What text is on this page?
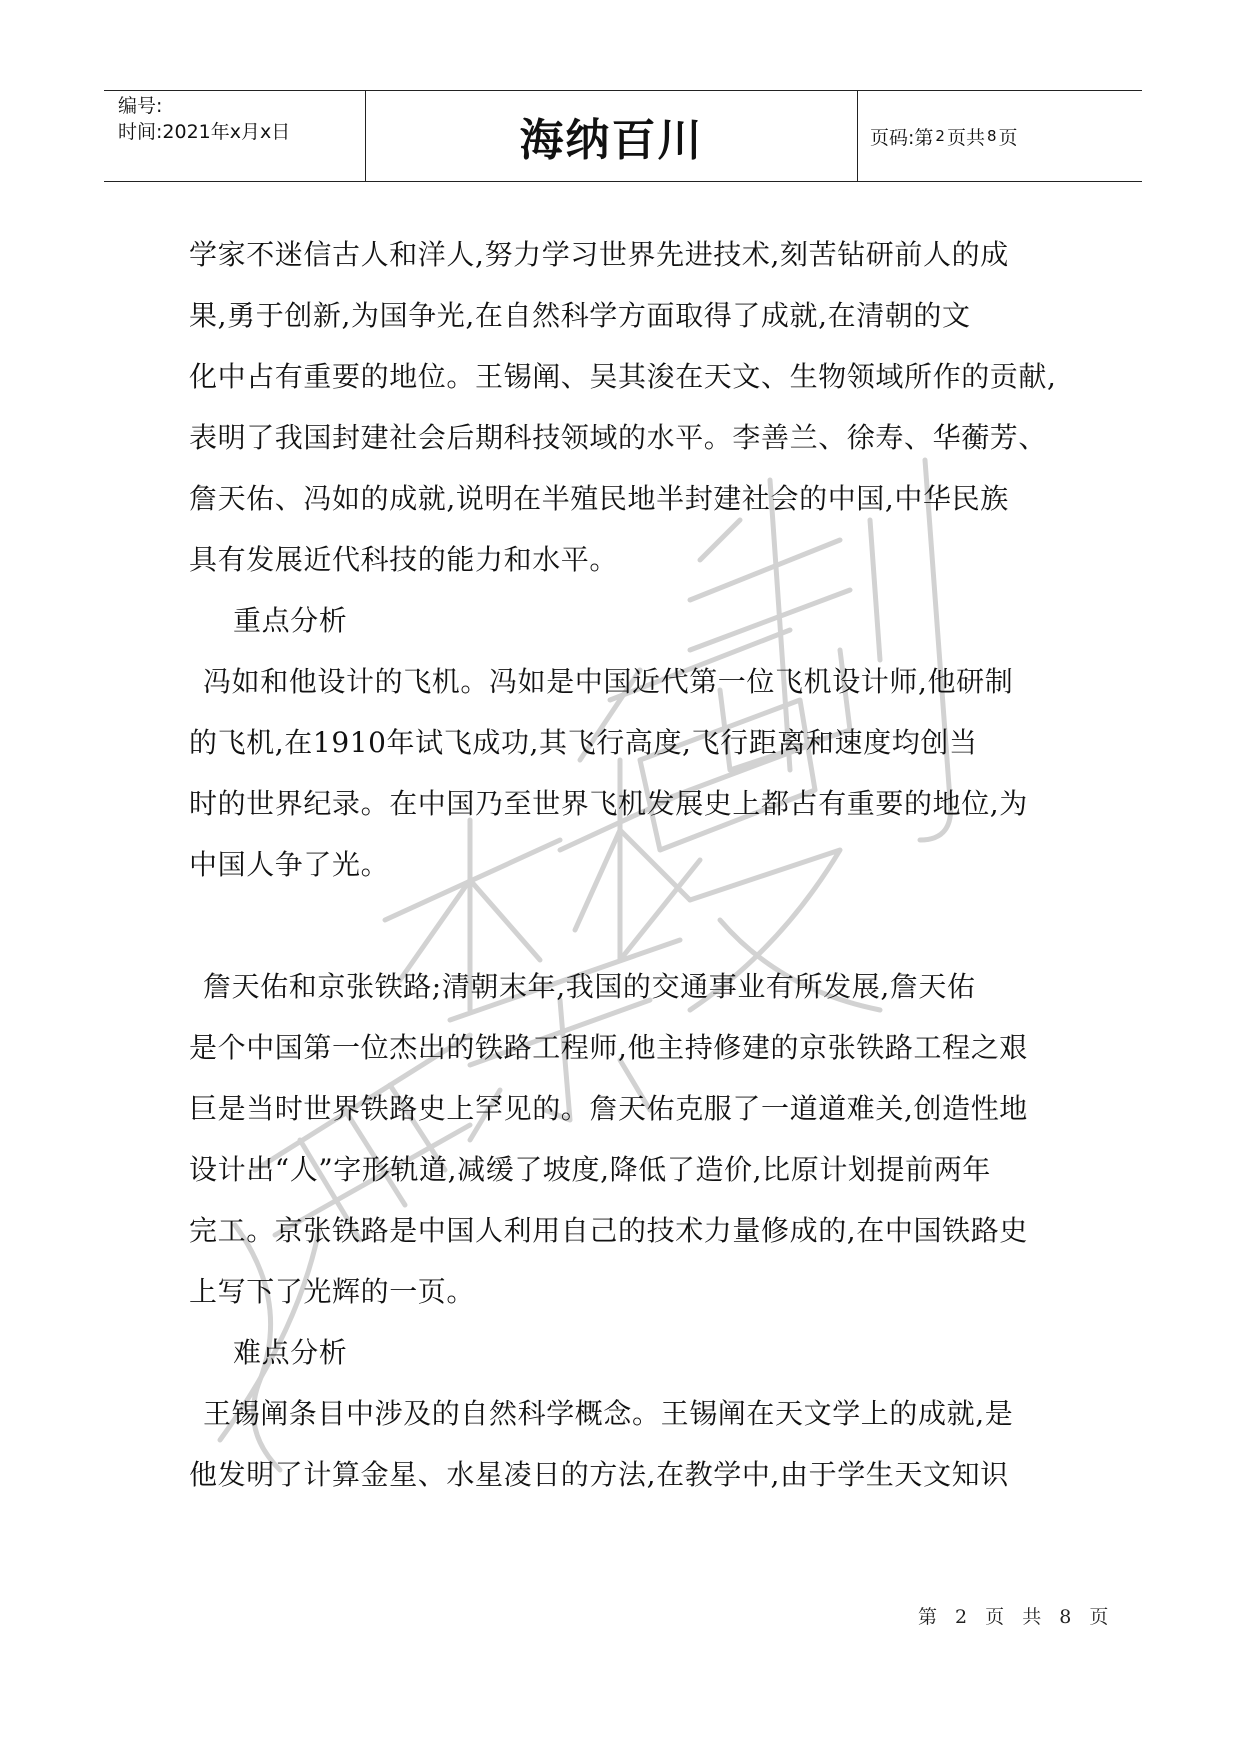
编号:
时间:2021年x月x日	海纳百川	页码:第 2 页共 8 页

学家不迷信古人和洋人,努力学习世界先进技术,刻苦钻研前人的成
果,勇于创新,为国争光,在自然科学方面取得了成就,在清朝的文
化中占有重要的地位。王锡阐、吴其浚在天文、生物领域所作的贡献,
表明了我国封建社会后期科技领域的水平。李善兰、徐寿、华蘅芳、
詹天佑、冯如的成就,说明在半殖民地半封建社会的中国,中华民族
具有发展近代科技的能力和水平。

重点分析

冯如和他设计的飞机。冯如是中国近代第一位飞机设计师,他研制
的飞机,在1910年试飞成功,其飞行高度,飞行距离和速度均创当
时的世界纪录。在中国乃至世界飞机发展史上都占有重要的地位,为
中国人争了光。

詹天佑和京张铁路;清朝末年,我国的交通事业有所发展,詹天佑
是个中国第一位杰出的铁路工程师,他主持修建的京张铁路工程之艰
巨是当时世界铁路史上罕见的。詹天佑克服了一道道难关,创造性地
设计出“人”字形轨道,减缓了坡度,降低了造价,比原计划提前两年
完工。京张铁路是中国人利用自己的技术力量修成的,在中国铁路史
上写下了光辉的一页。

难点分析

王锡阐条目中涉及的自然科学概念。王锡阐在天文学上的成就,是
他发明了计算金星、水星凌日的方法,在教学中,由于学生天文知识

第 2 页 共 8 页
